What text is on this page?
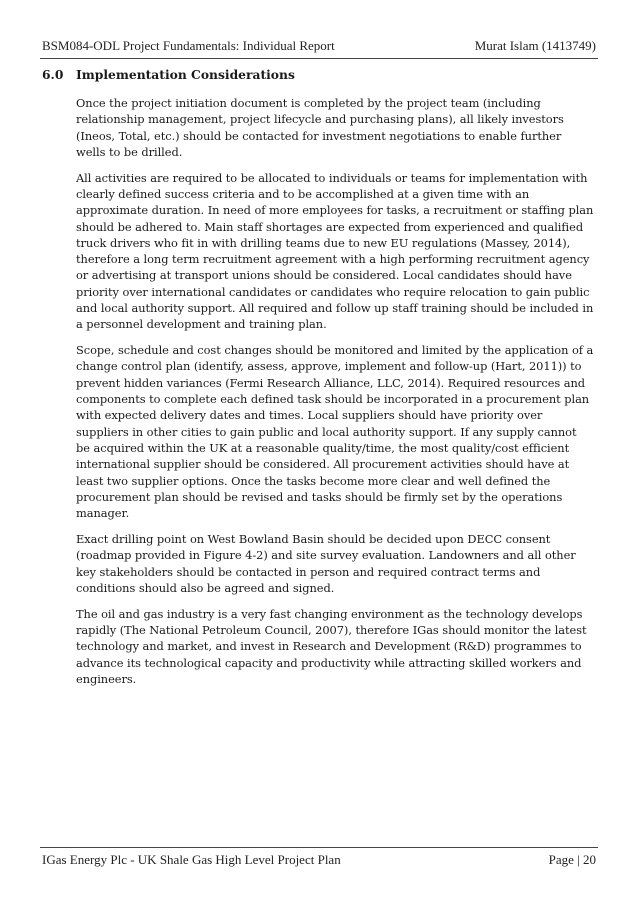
BSM084-ODL Project Fundamentals: Individual Report	Murat Islam (1413749)
6.0 Implementation Considerations

Once the project initiation document is completed by the project team (including relationship management, project lifecycle and purchasing plans), all likely investors (Ineos, Total, etc.) should be contacted for investment negotiations to enable further wells to be drilled.

All activities are required to be allocated to individuals or teams for implementation with clearly defined success criteria and to be accomplished at a given time with an approximate duration. In need of more employees for tasks, a recruitment or staffing plan should be adhered to. Main staff shortages are expected from experienced and qualified truck drivers who fit in with drilling teams due to new EU regulations (Massey, 2014), therefore a long term recruitment agreement with a high performing recruitment agency or advertising at transport unions should be considered. Local candidates should have priority over international candidates or candidates who require relocation to gain public and local authority support. All required and follow up staff training should be included in a personnel development and training plan.

Scope, schedule and cost changes should be monitored and limited by the application of a change control plan (identify, assess, approve, implement and follow-up (Hart, 2011)) to prevent hidden variances (Fermi Research Alliance, LLC, 2014). Required resources and components to complete each defined task should be incorporated in a procurement plan with expected delivery dates and times. Local suppliers should have priority over suppliers in other cities to gain public and local authority support. If any supply cannot be acquired within the UK at a reasonable quality/time, the most quality/cost efficient international supplier should be considered. All procurement activities should have at least two supplier options. Once the tasks become more clear and well defined the procurement plan should be revised and tasks should be firmly set by the operations manager.

Exact drilling point on West Bowland Basin should be decided upon DECC consent (roadmap provided in Figure 4-2) and site survey evaluation. Landowners and all other key stakeholders should be contacted in person and required contract terms and conditions should also be agreed and signed.

The oil and gas industry is a very fast changing environment as the technology develops rapidly (The National Petroleum Council, 2007), therefore IGas should monitor the latest technology and market, and invest in Research and Development (R&D) programmes to advance its technological capacity and productivity while attracting skilled workers and engineers.

IGas Energy Plc - UK Shale Gas High Level Project Plan	Page | 20
